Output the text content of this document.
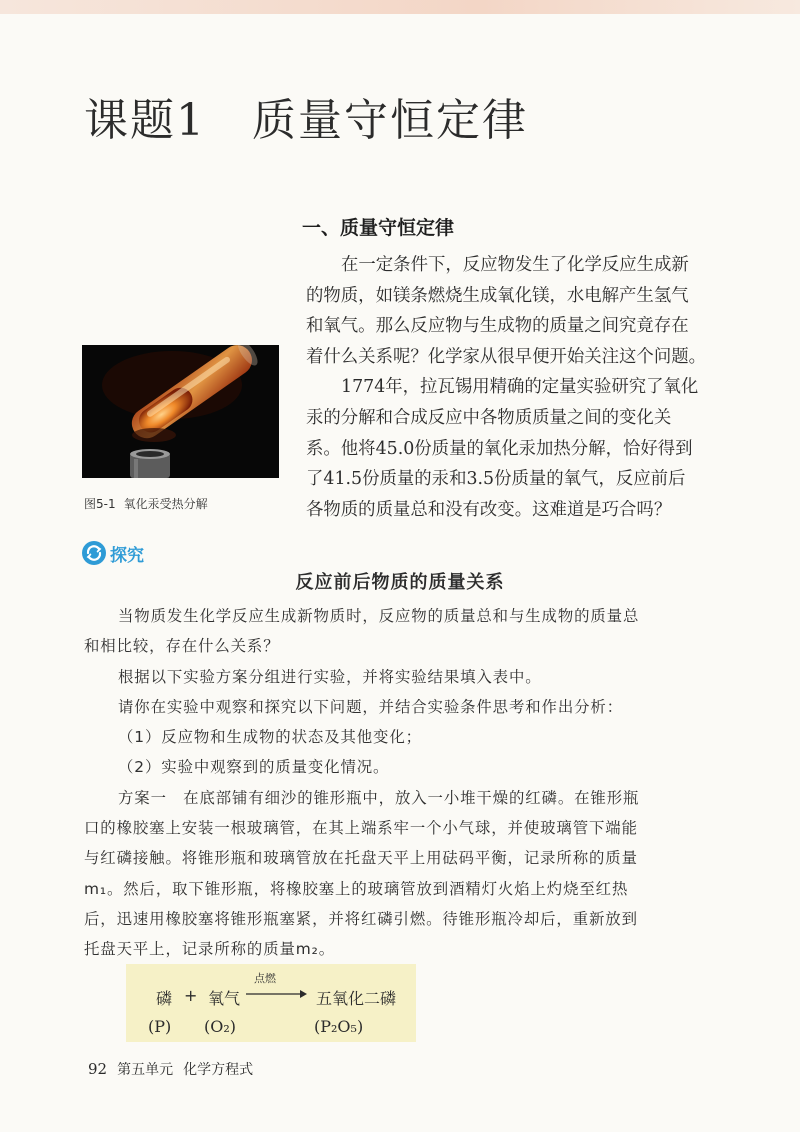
课题1 质量守恒定律
图5-1 氧化汞受热分解
一、质量守恒定律

在一定条件下，反应物发生了化学反应生成新

的物质，如镁条燃烧生成氧化镁，水电解产生氢气

和氧气。那么反应物与生成物的质量之间究竟存在

着什么关系呢？化学家从很早便开始关注这个问题。

1774年，拉瓦锡用精确的定量实验研究了氧化

汞的分解和合成反应中各物质质量之间的变化关

系。他将45.0份质量的氧化汞加热分解，恰好得到

了41.5份质量的汞和3.5份质量的氧气，反应前后

各物质的质量总和没有改变。这难道是巧合吗？

探究
反应前后物质的质量关系

当物质发生化学反应生成新物质时，反应物的质量总和与生成物的质量总

和相比较，存在什么关系？

根据以下实验方案分组进行实验，并将实验结果填入表中。

请你在实验中观察和探究以下问题，并结合实验条件思考和作出分析：

（1）反应物和生成物的状态及其他变化；

（2）实验中观察到的质量变化情况。

方案一　在底部铺有细沙的锥形瓶中，放入一小堆干燥的红磷。在锥形瓶

口的橡胶塞上安装一根玻璃管，在其上端系牢一个小气球，并使玻璃管下端能

与红磷接触。将锥形瓶和玻璃管放在托盘天平上用砝码平衡，记录所称的质量

m₁。然后，取下锥形瓶，将橡胶塞上的玻璃管放到酒精灯火焰上灼烧至红热

后，迅速用橡胶塞将锥形瓶塞紧，并将红磷引燃。待锥形瓶冷却后，重新放到

托盘天平上，记录所称的质量m₂。

磷 + 氧气	五氧化二磷
点燃
(P) (O₂)	(P₂O₅)
92 第五单元 化学方程式
